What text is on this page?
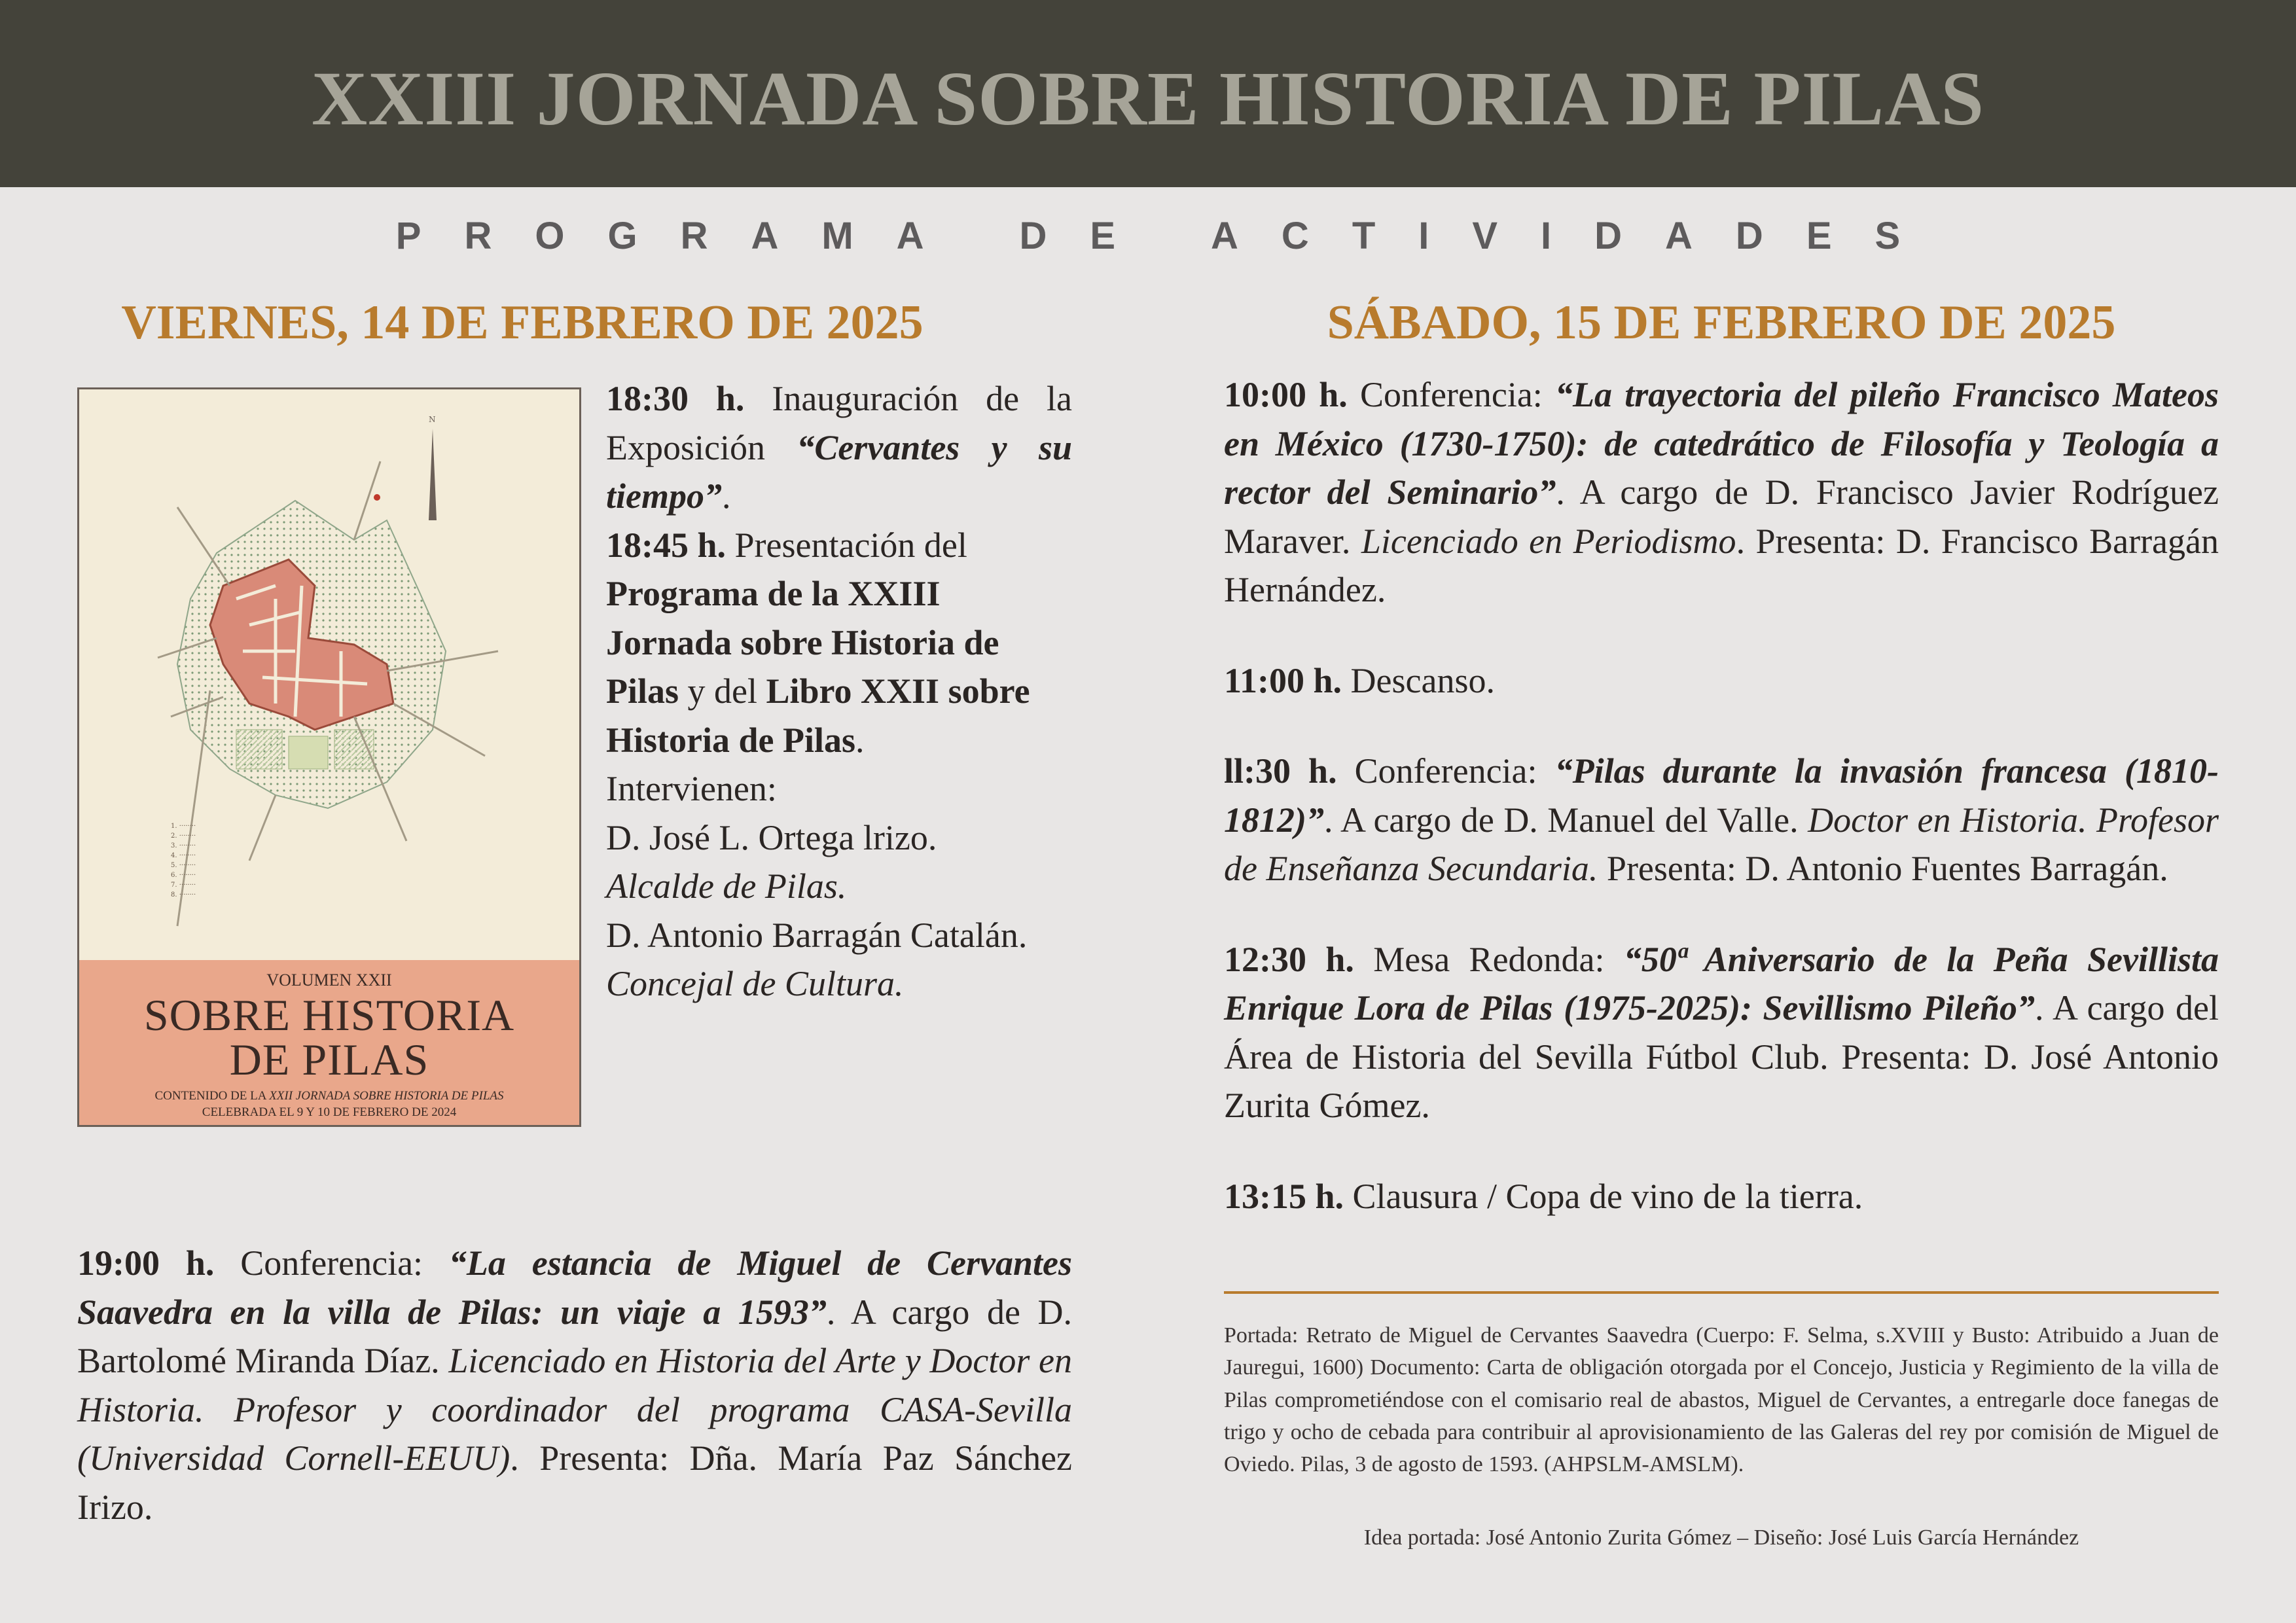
XXIII JORNADA SOBRE HISTORIA DE PILAS
PROGRAMA DE ACTIVIDADES
VIERNES, 14 DE FEBRERO DE 2025
N
1. ········
2. ········
3. ········
4. ········
5. ········
6. ········
7. ········
8. ········
VOLUMEN XXII
SOBRE HISTORIA
DE PILAS
CONTENIDO DE LA XXII JORNADA SOBRE HISTORIA DE PILAS
CELEBRADA EL 9 Y 10 DE FEBRERO DE 2024

18:30 h. Inauguración de la Exposición “Cervantes y su tiempo”.

18:45 h. Presentación del Programa de la XXIII Jornada sobre Historia de Pilas y del Libro XXII sobre Historia de Pilas.

Intervienen:

D. José L. Ortega lrizo.
Alcalde de Pilas.

D. Antonio Barragán Catalán. Concejal de Cultura.

19:00 h. Conferencia: “La estancia de Miguel de Cervantes Saavedra en la villa de Pilas: un viaje a 1593”. A cargo de D. Bartolomé Miranda Díaz. Licenciado en Historia del Arte y Doctor en Historia. Profesor y coordinador del programa CASA-Sevilla (Universidad Cornell-EEUU). Presenta: Dña. María Paz Sánchez Irizo.

SÁBADO, 15 DE FEBRERO DE 2025

10:00 h. Conferencia: “La trayectoria del pileño Francisco Mateos en México (1730-1750): de catedrático de Filosofía y Teología a rector del Seminario”. A cargo de D. Francisco Javier Rodríguez Maraver. Licenciado en Periodismo. Presenta: D. Francisco Barragán Hernández.

11:00 h. Descanso.

ll:30 h. Conferencia: “Pilas durante la invasión francesa (1810-1812)”. A cargo de D. Manuel del Valle. Doctor en Historia. Profesor de Enseñanza Secundaria. Presenta: D. Antonio Fuentes Barragán.

12:30 h. Mesa Redonda: “50ª Aniversario de la Peña Sevillista Enrique Lora de Pilas (1975-2025): Sevillismo Pileño”. A cargo del Área de Historia del Sevilla Fútbol Club. Presenta: D. José Antonio Zurita Gómez.

13:15 h. Clausura / Copa de vino de la tierra.

Portada: Retrato de Miguel de Cervantes Saavedra (Cuerpo: F. Selma, s.XVIII y Busto: Atribuido a Juan de Jauregui, 1600) Documento: Carta de obligación otorgada por el Concejo, Justicia y Regimiento de la villa de Pilas comprometiéndose con el comisario real de abastos, Miguel de Cervantes, a entregarle doce fanegas de trigo y ocho de cebada para contribuir al aprovisionamiento de las Galeras del rey por comisión de Miguel de Oviedo. Pilas, 3 de agosto de 1593. (AHPSLM-AMSLM).
Idea portada: José Antonio Zurita Gómez – Diseño: José Luis García Hernández
